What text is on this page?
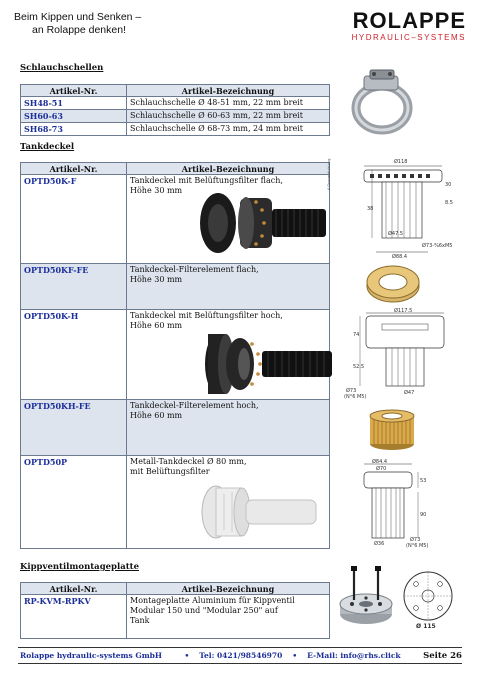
Beim Kippen und Senken –
an Rolappe denken!	ROLAPPE
HYDRAULIC–SYSTEMS
Schlauchschellen
Artikel-Nr.	Artikel-Bezeichnung
SH48-51	Schlauchschelle Ø 48-51 mm, 22 mm breit
SH60-63	Schlauchschelle Ø 60-63 mm, 22 mm breit
SH68-73	Schlauchschelle Ø 68-73 mm, 24 mm breit
Tankdeckel
Artikel-Nr.	Artikel-Bezeichnung
OPTD50K-F	Tankdeckel mit Belüftungsfilter flach,
Höhe 30 mm

OPTD50KF-FE	Tankdeckel-Filterelement flach,
Höhe 30 mm

OPTD50K-H	Tankdeckel mit Belüftungsfilter hoch,
Höhe 60 mm

OPTD50KH-FE	Tankdeckel-Filterelement hoch,
Höhe 60 mm

OPTD50P	Metall-Tankdeckel Ø 80 mm,
mit Belüftungsfilter
Ø118
4 Gummidichtung
38
30
8.5
Ø47.5
Ø73-%6xM5
Ø88.4
Ø117.5
74
52.5
Ø47
Ø73
(N°6 M5)
Ø84.4
Ø70
53
90
Ø36
Ø73
(N°6 M5)
Kippventilmontageplatte
Artikel-Nr.	Artikel-Bezeichnung
RP-KVM-RPKV	Montageplatte Aluminium für Kippventil
Modular 150 und "Modular 250" auf
Tank
Ø 115
Rolappe hydraulic-systems GmbH	• Tel: 0421/98546970 • E-Mail: info@rhs.click	Seite 26
